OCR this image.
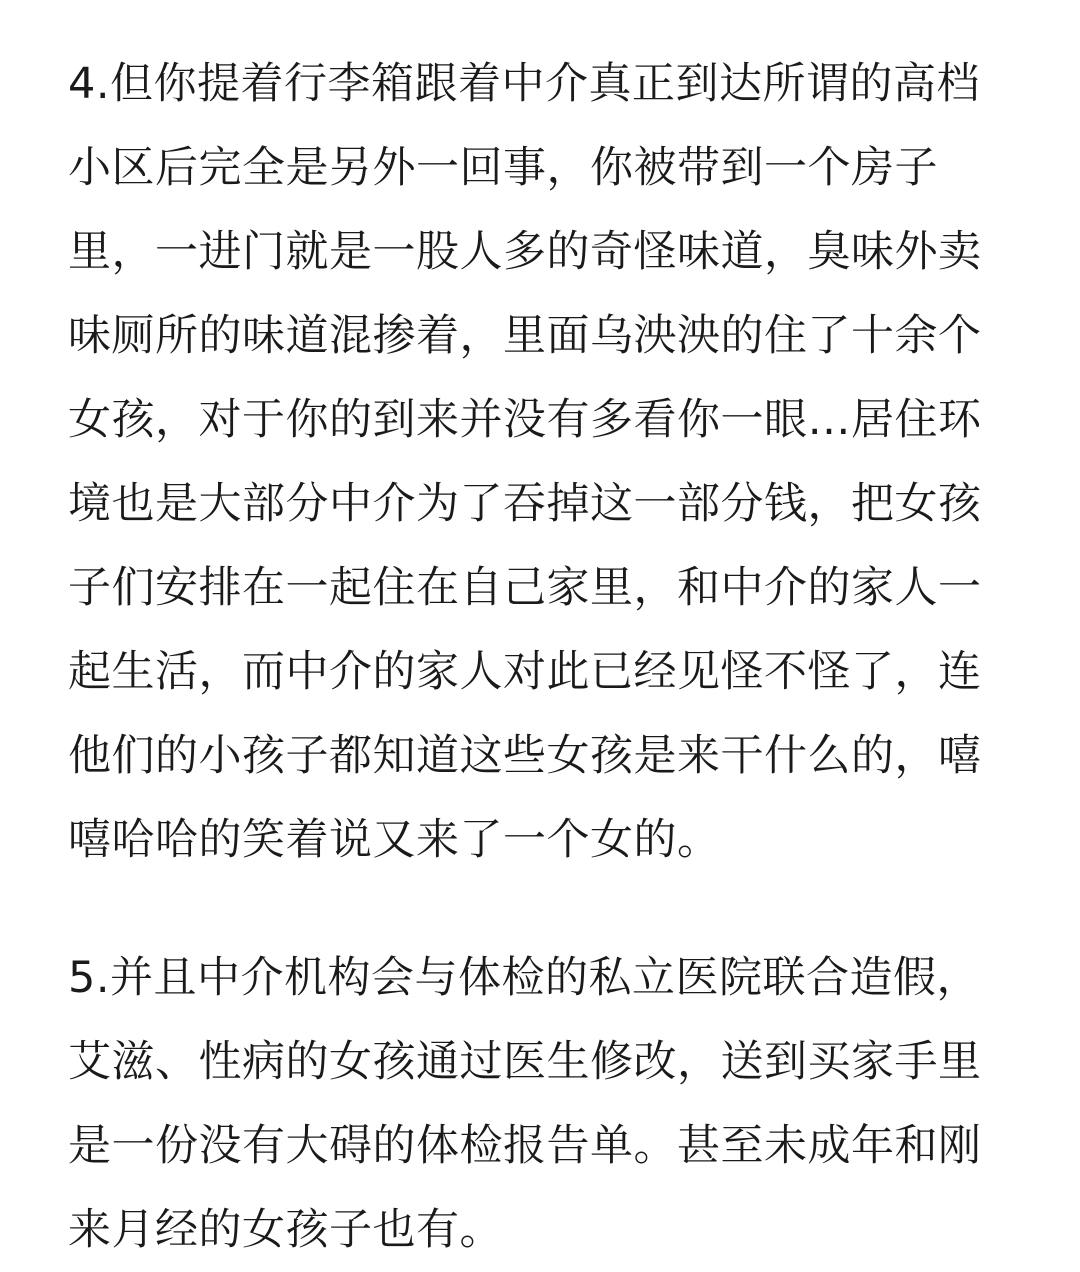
4.但你提着行李箱跟着中介真正到达所谓的高档
小区后完全是另外一回事，你被带到一个房子
里，一进门就是一股人多的奇怪味道，臭味外卖
味厕所的味道混掺着，里面乌泱泱的住了十余个
女孩，对于你的到来并没有多看你一眼…居住环
境也是大部分中介为了吞掉这一部分钱，把女孩
子们安排在一起住在自己家里，和中介的家人一
起生活，而中介的家人对此已经见怪不怪了，连
他们的小孩子都知道这些女孩是来干什么的，嘻
嘻哈哈的笑着说又来了一个女的。
5.并且中介机构会与体检的私立医院联合造假，
艾滋、性病的女孩通过医生修改，送到买家手里
是一份没有大碍的体检报告单。甚至未成年和刚
来月经的女孩子也有。
